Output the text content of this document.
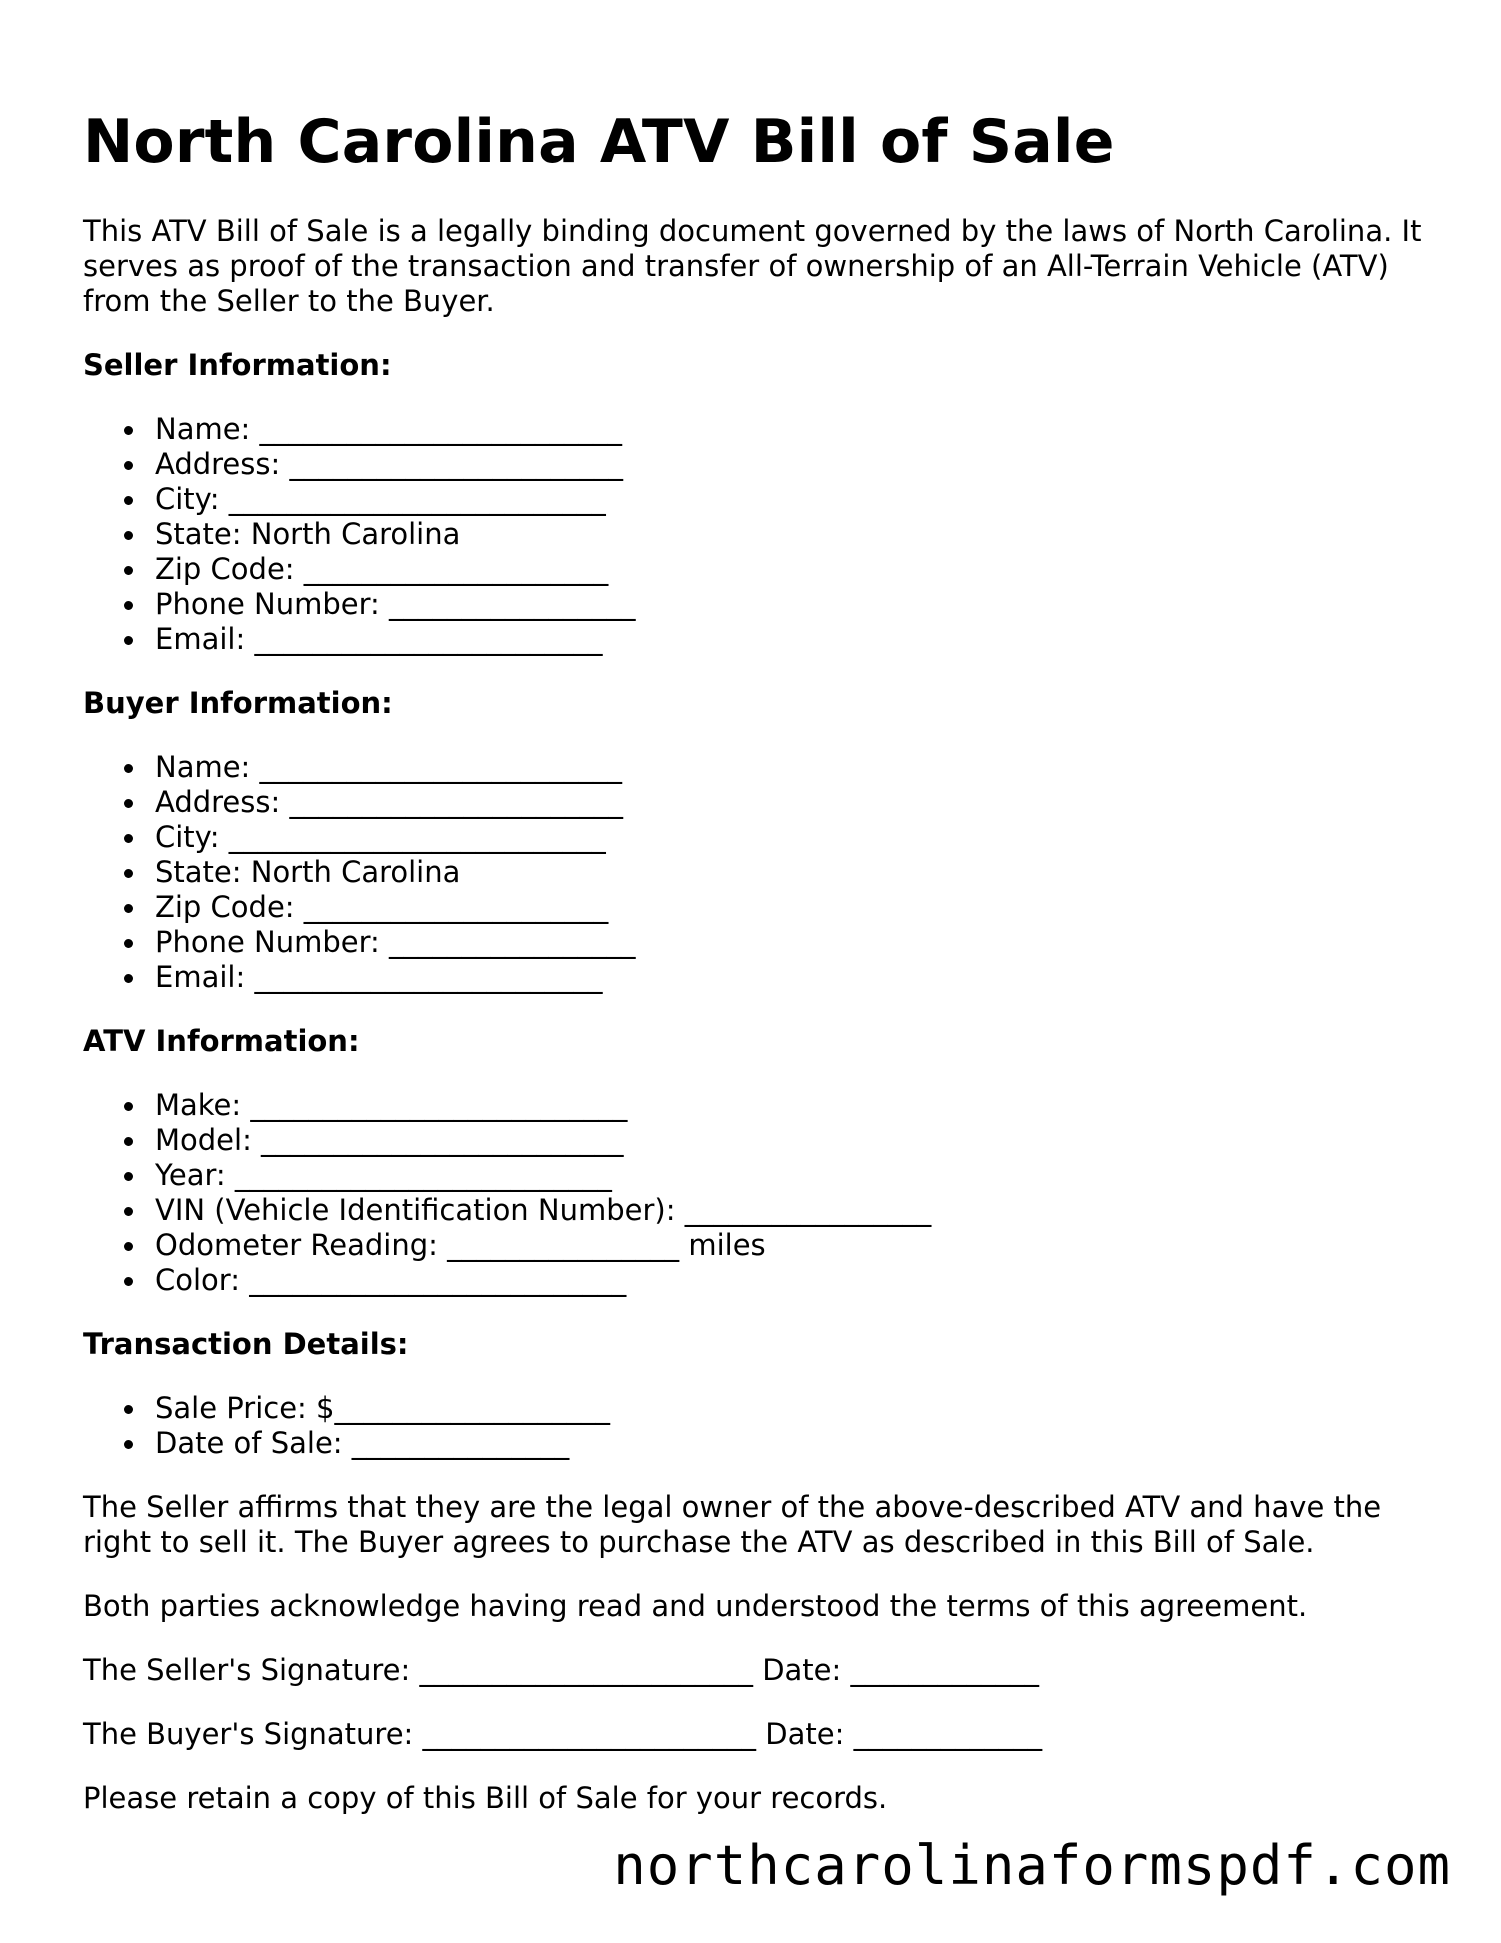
North Carolina ATV Bill of Sale

This ATV Bill of Sale is a legally binding document governed by the laws of North Carolina. It serves as proof of the transaction and transfer of ownership of an All-Terrain Vehicle (ATV) from the Seller to the Buyer.

Seller Information:
Name: _________________________
Address: _______________________
City: __________________________
State: North Carolina
Zip Code: _____________________
Phone Number: _________________
Email: ________________________
Buyer Information:
Name: _________________________
Address: _______________________
City: __________________________
State: North Carolina
Zip Code: _____________________
Phone Number: _________________
Email: ________________________
ATV Information:
Make: __________________________
Model: _________________________
Year: __________________________
VIN (Vehicle Identification Number): _________________
Odometer Reading: ________________ miles
Color: __________________________
Transaction Details:
Sale Price: $___________________
Date of Sale: _______________

The Seller affirms that they are the legal owner of the above-described ATV and have the right to sell it. The Buyer agrees to purchase the ATV as described in this Bill of Sale.

Both parties acknowledge having read and understood the terms of this agreement.

The Seller's Signature: _______________________ Date: _____________

The Buyer's Signature: _______________________ Date: _____________

Please retain a copy of this Bill of Sale for your records.

northcarolinaformspdf.com
